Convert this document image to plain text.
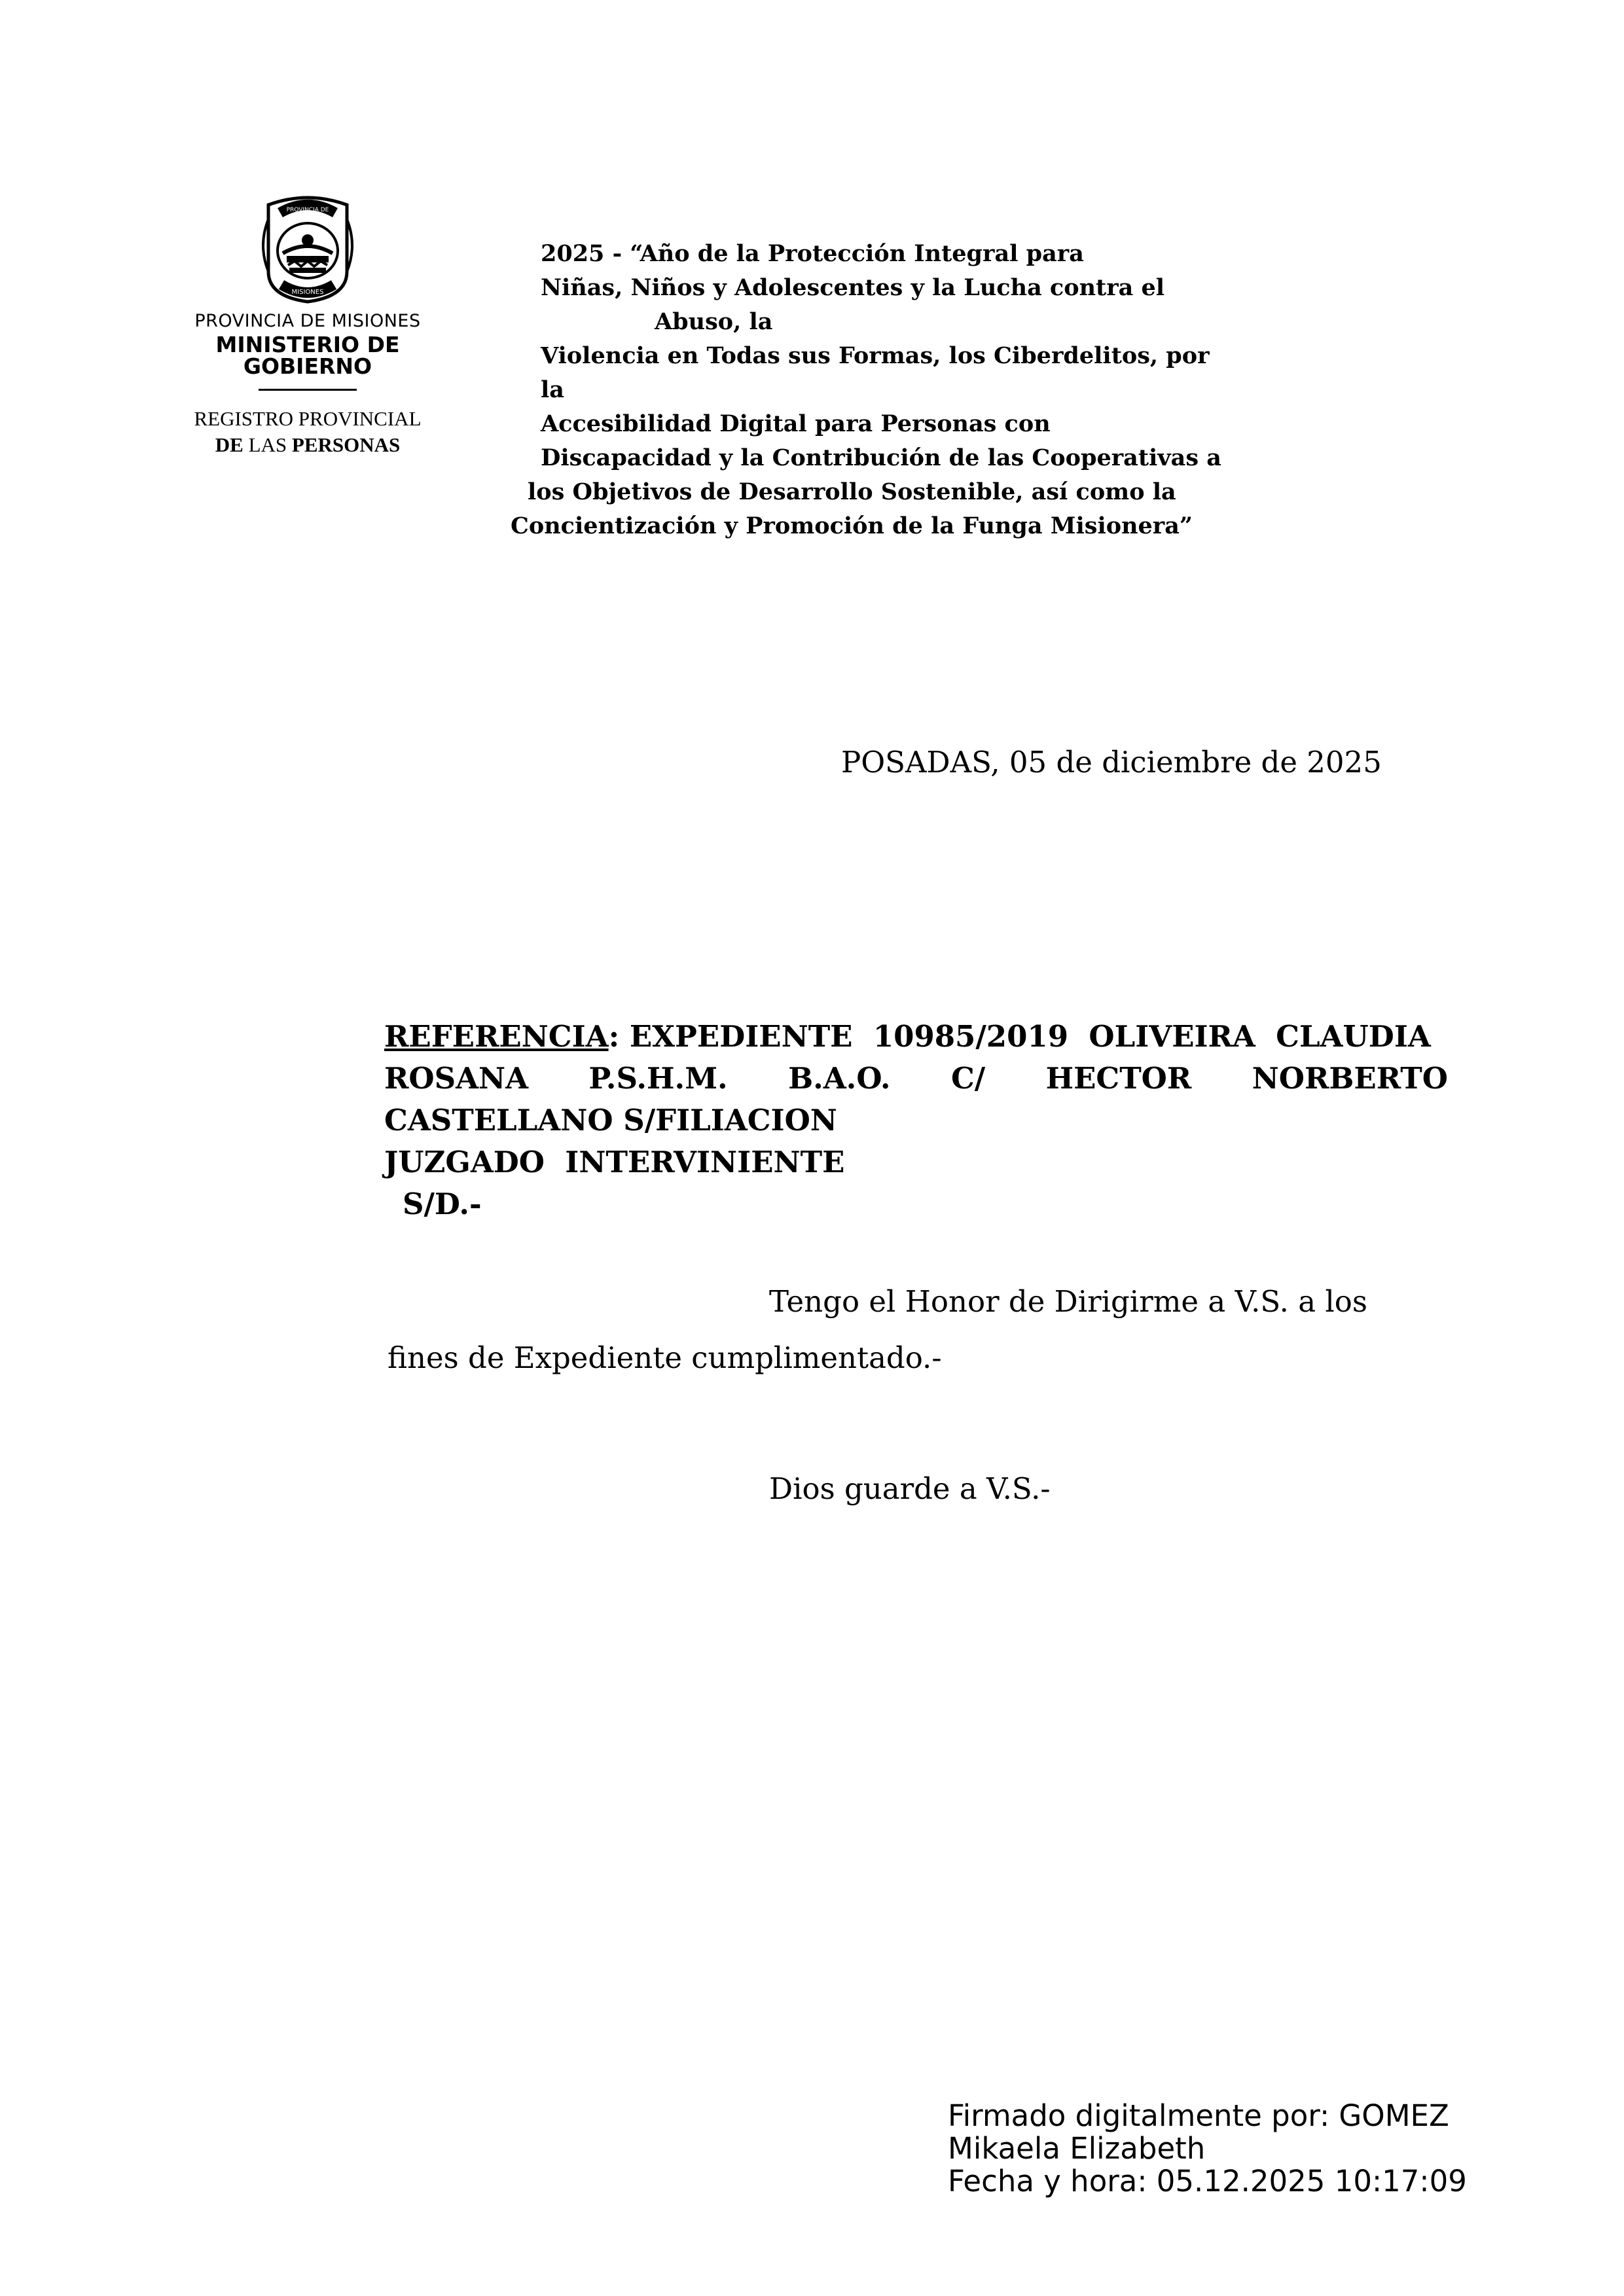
PROVINCIA DE
MISIONES
PROVINCIA DE MISIONES
MINISTERIO DE GOBIERNO
REGISTRO PROVINCIAL
DE LAS PERSONAS
2025 - “Año de la Protección Integral para
Niñas, Niños y Adolescentes y la Lucha contra el
Abuso, la
Violencia en Todas sus Formas, los Ciberdelitos, por
la
Accesibilidad Digital para Personas con
Discapacidad y la Contribución de las Cooperativas a
los Objetivos de Desarrollo Sostenible, así como la
Concientización y Promoción de la Funga Misionera”
POSADAS, 05 de diciembre de 2025
REFERENCIA: EXPEDIENTE  10985/2019  OLIVEIRA  CLAUDIA
ROSANA P.S.H.M. B.A.O. C/ HECTOR NORBERTO
CASTELLANO S/FILIACION
JUZGADO  INTERVINIENTE
S/D.-
Tengo el Honor de Dirigirme a V.S. a los
fines de Expediente cumplimentado.-
Dios guarde a V.S.-
Firmado digitalmente por: GOMEZ
Mikaela Elizabeth
Fecha y hora: 05.12.2025 10:17:09
